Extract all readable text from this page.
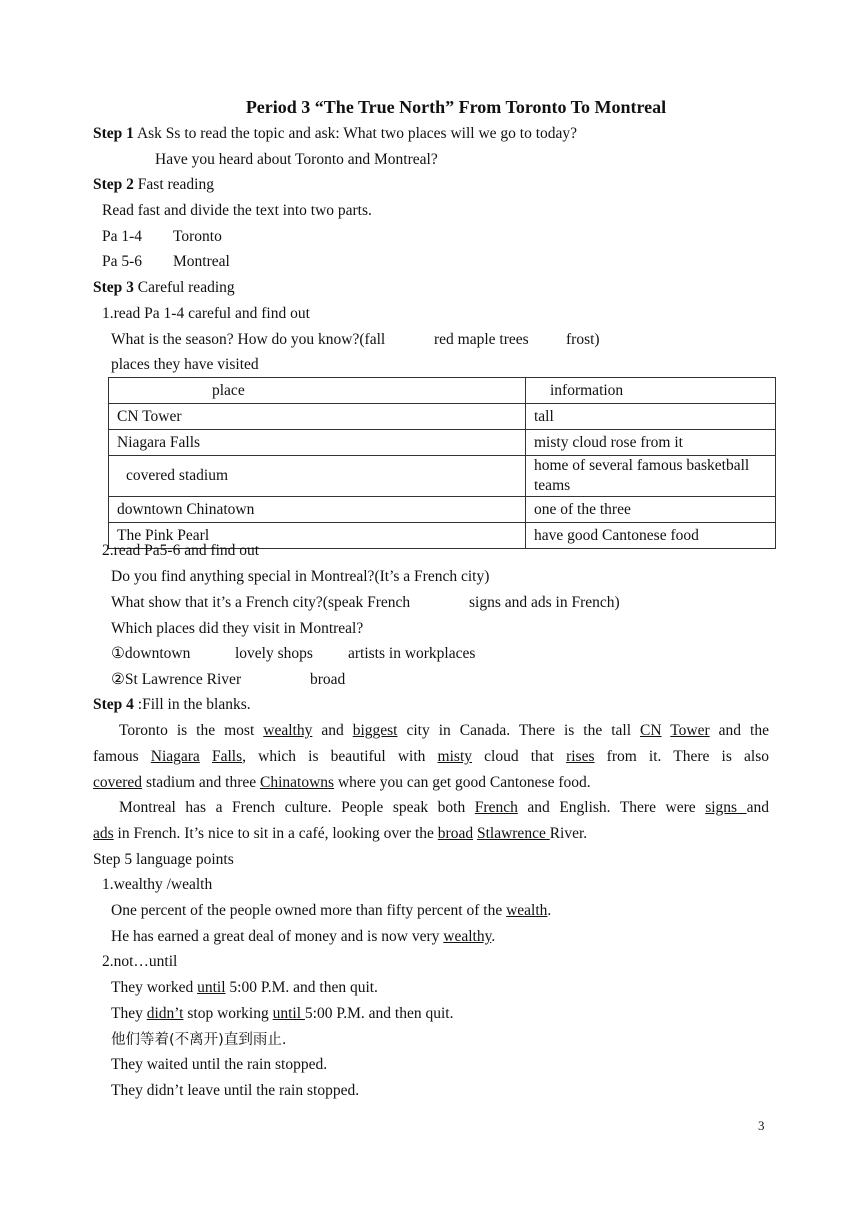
Period 3 “The True North” From Toronto To Montreal
Step 1 Ask Ss to read the topic and ask: What two places will we go to today?
Have you heard about Toronto and Montreal?
Step 2 Fast reading
Read fast and divide the text into two parts.
Pa 1-4 Toronto
Pa 5-6 Montreal
Step 3 Careful reading
1.read Pa 1-4 careful and find out
What is the season? How do you know?(fall	red maple trees frost)
places they have visited
place	information
CN Tower	tall
Niagara Falls	misty cloud rose from it
covered stadium	home of several famous basketball teams
downtown Chinatown	one of the three
The Pink Pearl	have good Cantonese food
2.read Pa5-6 and find out
Do you find anything special in Montreal?(It’s a French city)
What show that it’s a French city?(speak French	signs and ads in French)
Which places did they visit in Montreal?
①downtown	lovely shops artists in workplaces
②St Lawrence River	broad
Step 4 :Fill in the blanks.
Toronto is the most wealthy and biggest city in Canada. There is the tall CN Tower and the
famous Niagara Falls, which is beautiful with misty cloud that rises from it. There is also
covered stadium and three Chinatowns where you can get good Cantonese food.
Montreal has a French culture. People speak both French and English. There were signs and
ads in French. It’s nice to sit in a café, looking over the broad Stlawrence River.
Step 5 language points
1.wealthy /wealth
One percent of the people owned more than fifty percent of the wealth.
He has earned a great deal of money and is now very wealthy.
2.not…until
They worked until 5:00 P.M. and then quit.
They didn’t stop working until 5:00 P.M. and then quit.
他们等着(不离开)直到雨止.
They waited until the rain stopped.
They didn’t leave until the rain stopped.
3
